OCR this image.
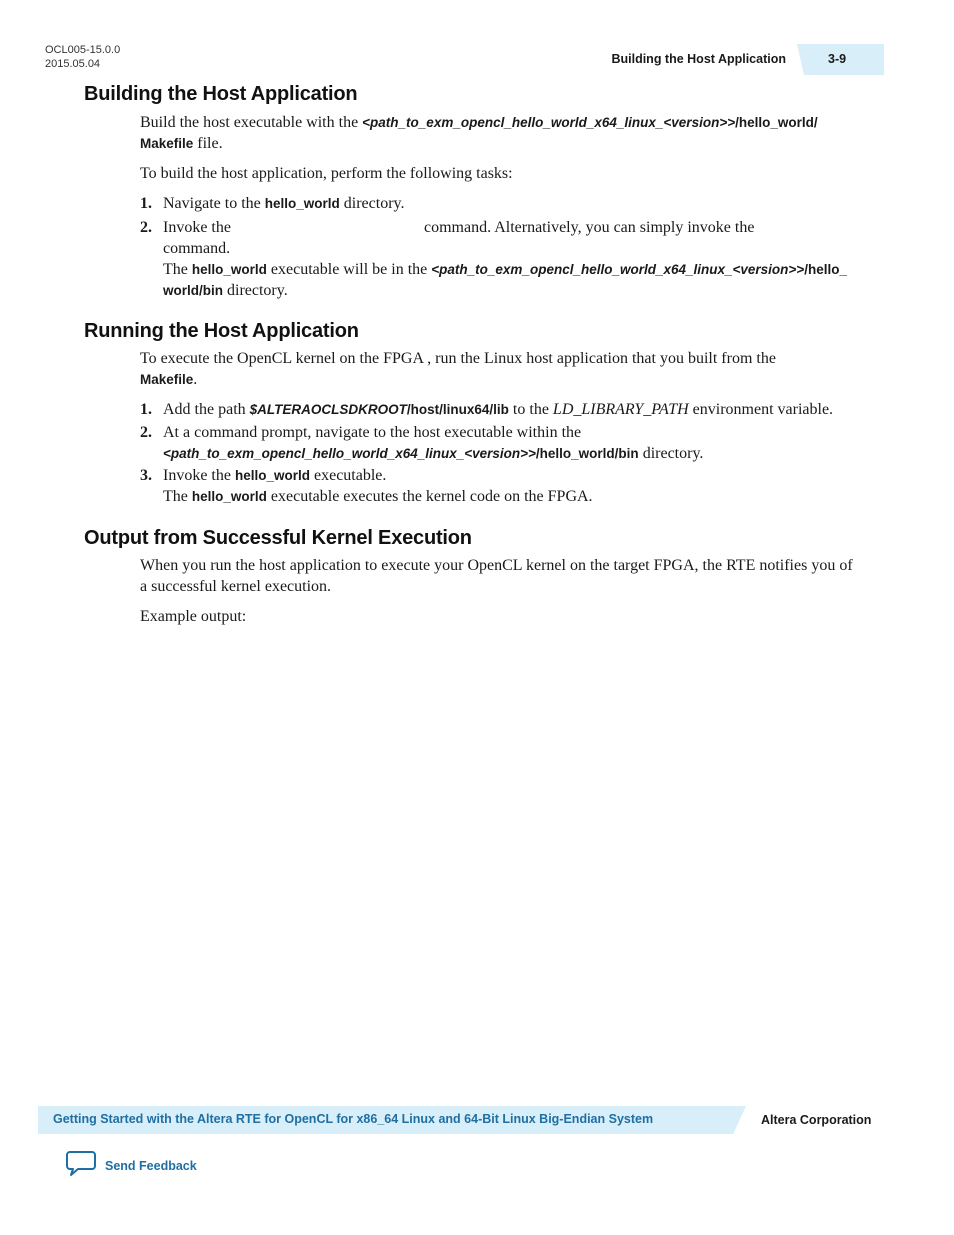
OCL005-15.0.0
2015.05.04	Building the Host Application	3-9
Building the Host Application

Build the host executable with the <path_to_exm_opencl_hello_world_x64_linux_<version>>/hello_world/
Makefile file.

To build the host application, perform the following tasks:

1. Navigate to the hello_world directory.
2. Invoke the	command. Alternatively, you can simply invoke the
command.
The hello_world executable will be in the <path_to_exm_opencl_hello_world_x64_linux_<version>>/hello_
world/bin directory.
Running the Host Application

To execute the OpenCL kernel on the FPGA , run the Linux host application that you built from the
Makefile.

1. Add the path $ALTERAOCLSDKROOT/host/linux64/lib to the LD_LIBRARY_PATH environment variable.
2. At a command prompt, navigate to the host executable within the
<path_to_exm_opencl_hello_world_x64_linux_<version>>/hello_world/bin directory.
3. Invoke the hello_world executable.
The hello_world executable executes the kernel code on the FPGA.
Output from Successful Kernel Execution

When you run the host application to execute your OpenCL kernel on the target FPGA, the RTE notifies you of a successful kernel execution.

Example output:

Getting Started with the Altera RTE for OpenCL for x86_64 Linux and 64-Bit Linux Big-Endian System	Altera Corporation
Send Feedback
